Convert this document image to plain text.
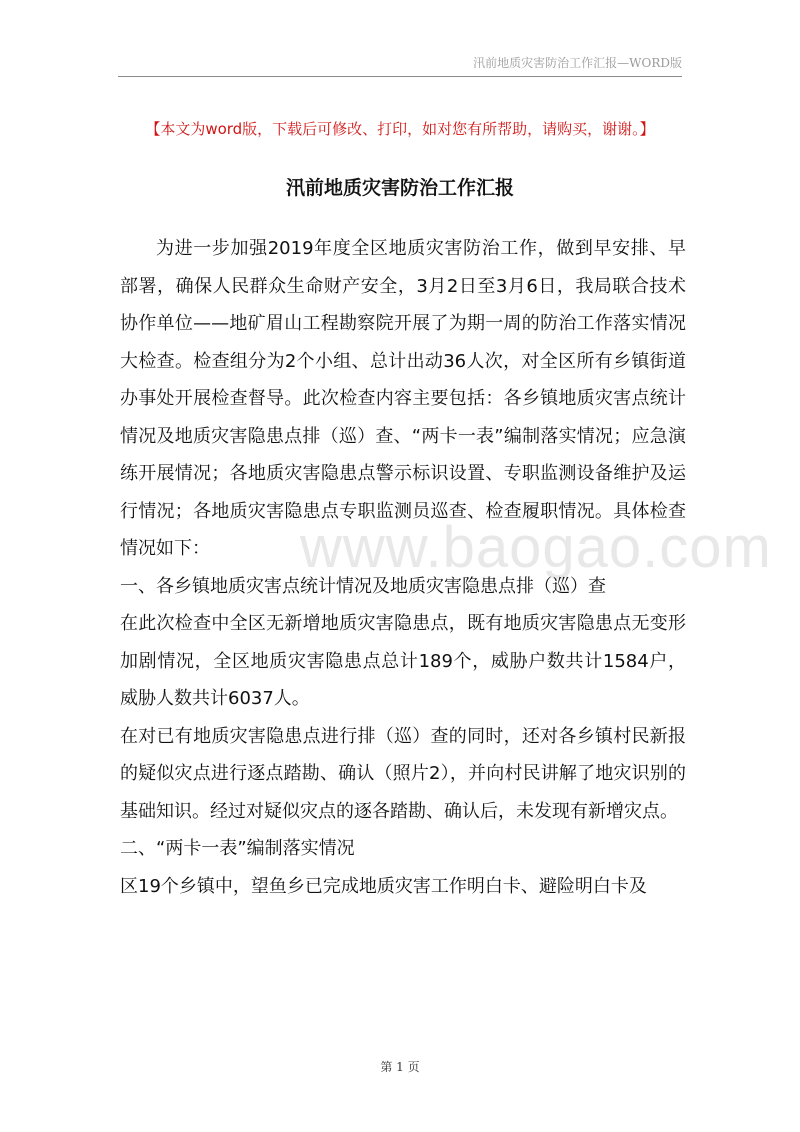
汛前地质灾害防治工作汇报—WORD版
【本文为word版，下载后可修改、打印，如对您有所帮助，请购买，谢谢。】
汛前地质灾害防治工作汇报
www.baogao.com

为进一步加强2019年度全区地质灾害防治工作，做到早安排、早部署，确保人民群众生命财产安全，3月2日至3月6日，我局联合技术协作单位——地矿眉山工程勘察院开展了为期一周的防治工作落实情况大检查。检查组分为2个小组、总计出动36人次，对全区所有乡镇街道办事处开展检查督导。此次检查内容主要包括：各乡镇地质灾害点统计情况及地质灾害隐患点排（巡）查、“两卡一表”编制落实情况；应急演练开展情况；各地质灾害隐患点警示标识设置、专职监测设备维护及运行情况；各地质灾害隐患点专职监测员巡查、检查履职情况。具体检查情况如下：

一、各乡镇地质灾害点统计情况及地质灾害隐患点排（巡）查

在此次检查中全区无新增地质灾害隐患点，既有地质灾害隐患点无变形加剧情况，全区地质灾害隐患点总计189个，威胁户数共计1584户，威胁人数共计6037人。

在对已有地质灾害隐患点进行排（巡）查的同时，还对各乡镇村民新报的疑似灾点进行逐点踏勘、确认（照片2），并向村民讲解了地灾识别的基础知识。经过对疑似灾点的逐各踏勘、确认后，未发现有新增灾点。

二、“两卡一表”编制落实情况

区19个乡镇中，望鱼乡已完成地质灾害工作明白卡、避险明白卡及

第 1 页
